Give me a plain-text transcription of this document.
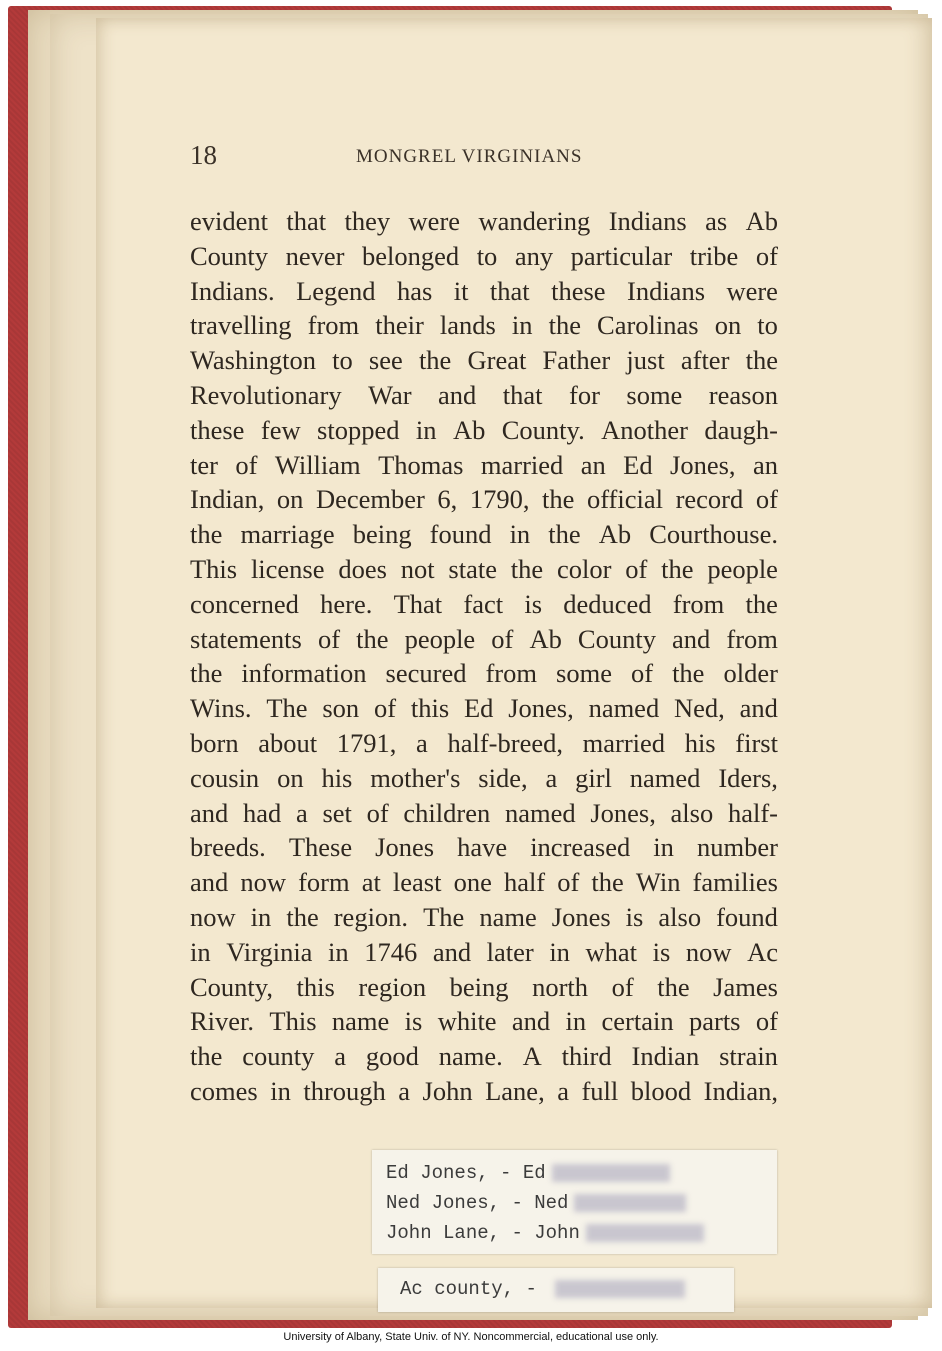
18	MONGREL VIRGINIANS
evident that they were wandering Indians as Ab
County never belonged to any particular tribe of
Indians. Legend has it that these Indians were
travelling from their lands in the Carolinas on to
Washington to see the Great Father just after the
Revolutionary War and that for some reason
these few stopped in Ab County. Another daugh-
ter of William Thomas married an Ed Jones, an
Indian, on December 6, 1790, the official record of
the marriage being found in the Ab Courthouse.
This license does not state the color of the people
concerned here. That fact is deduced from the
statements of the people of Ab County and from
the information secured from some of the older
Wins. The son of this Ed Jones, named Ned, and
born about 1791, a half-breed, married his first
cousin on his mother's side, a girl named Iders,
and had a set of children named Jones, also half-
breeds. These Jones have increased in number
and now form at least one half of the Win families
now in the region. The name Jones is also found
in Virginia in 1746 and later in what is now Ac
County, this region being north of the James
River. This name is white and in certain parts of
the county a good name. A third Indian strain
comes in through a John Lane, a full blood Indian,
Ed Jones,
-
Ed
Ned Jones,
-
Ned
John Lane,
-
John
Ac county,
-
University of Albany, State Univ. of NY. Noncommercial, educational use only.
